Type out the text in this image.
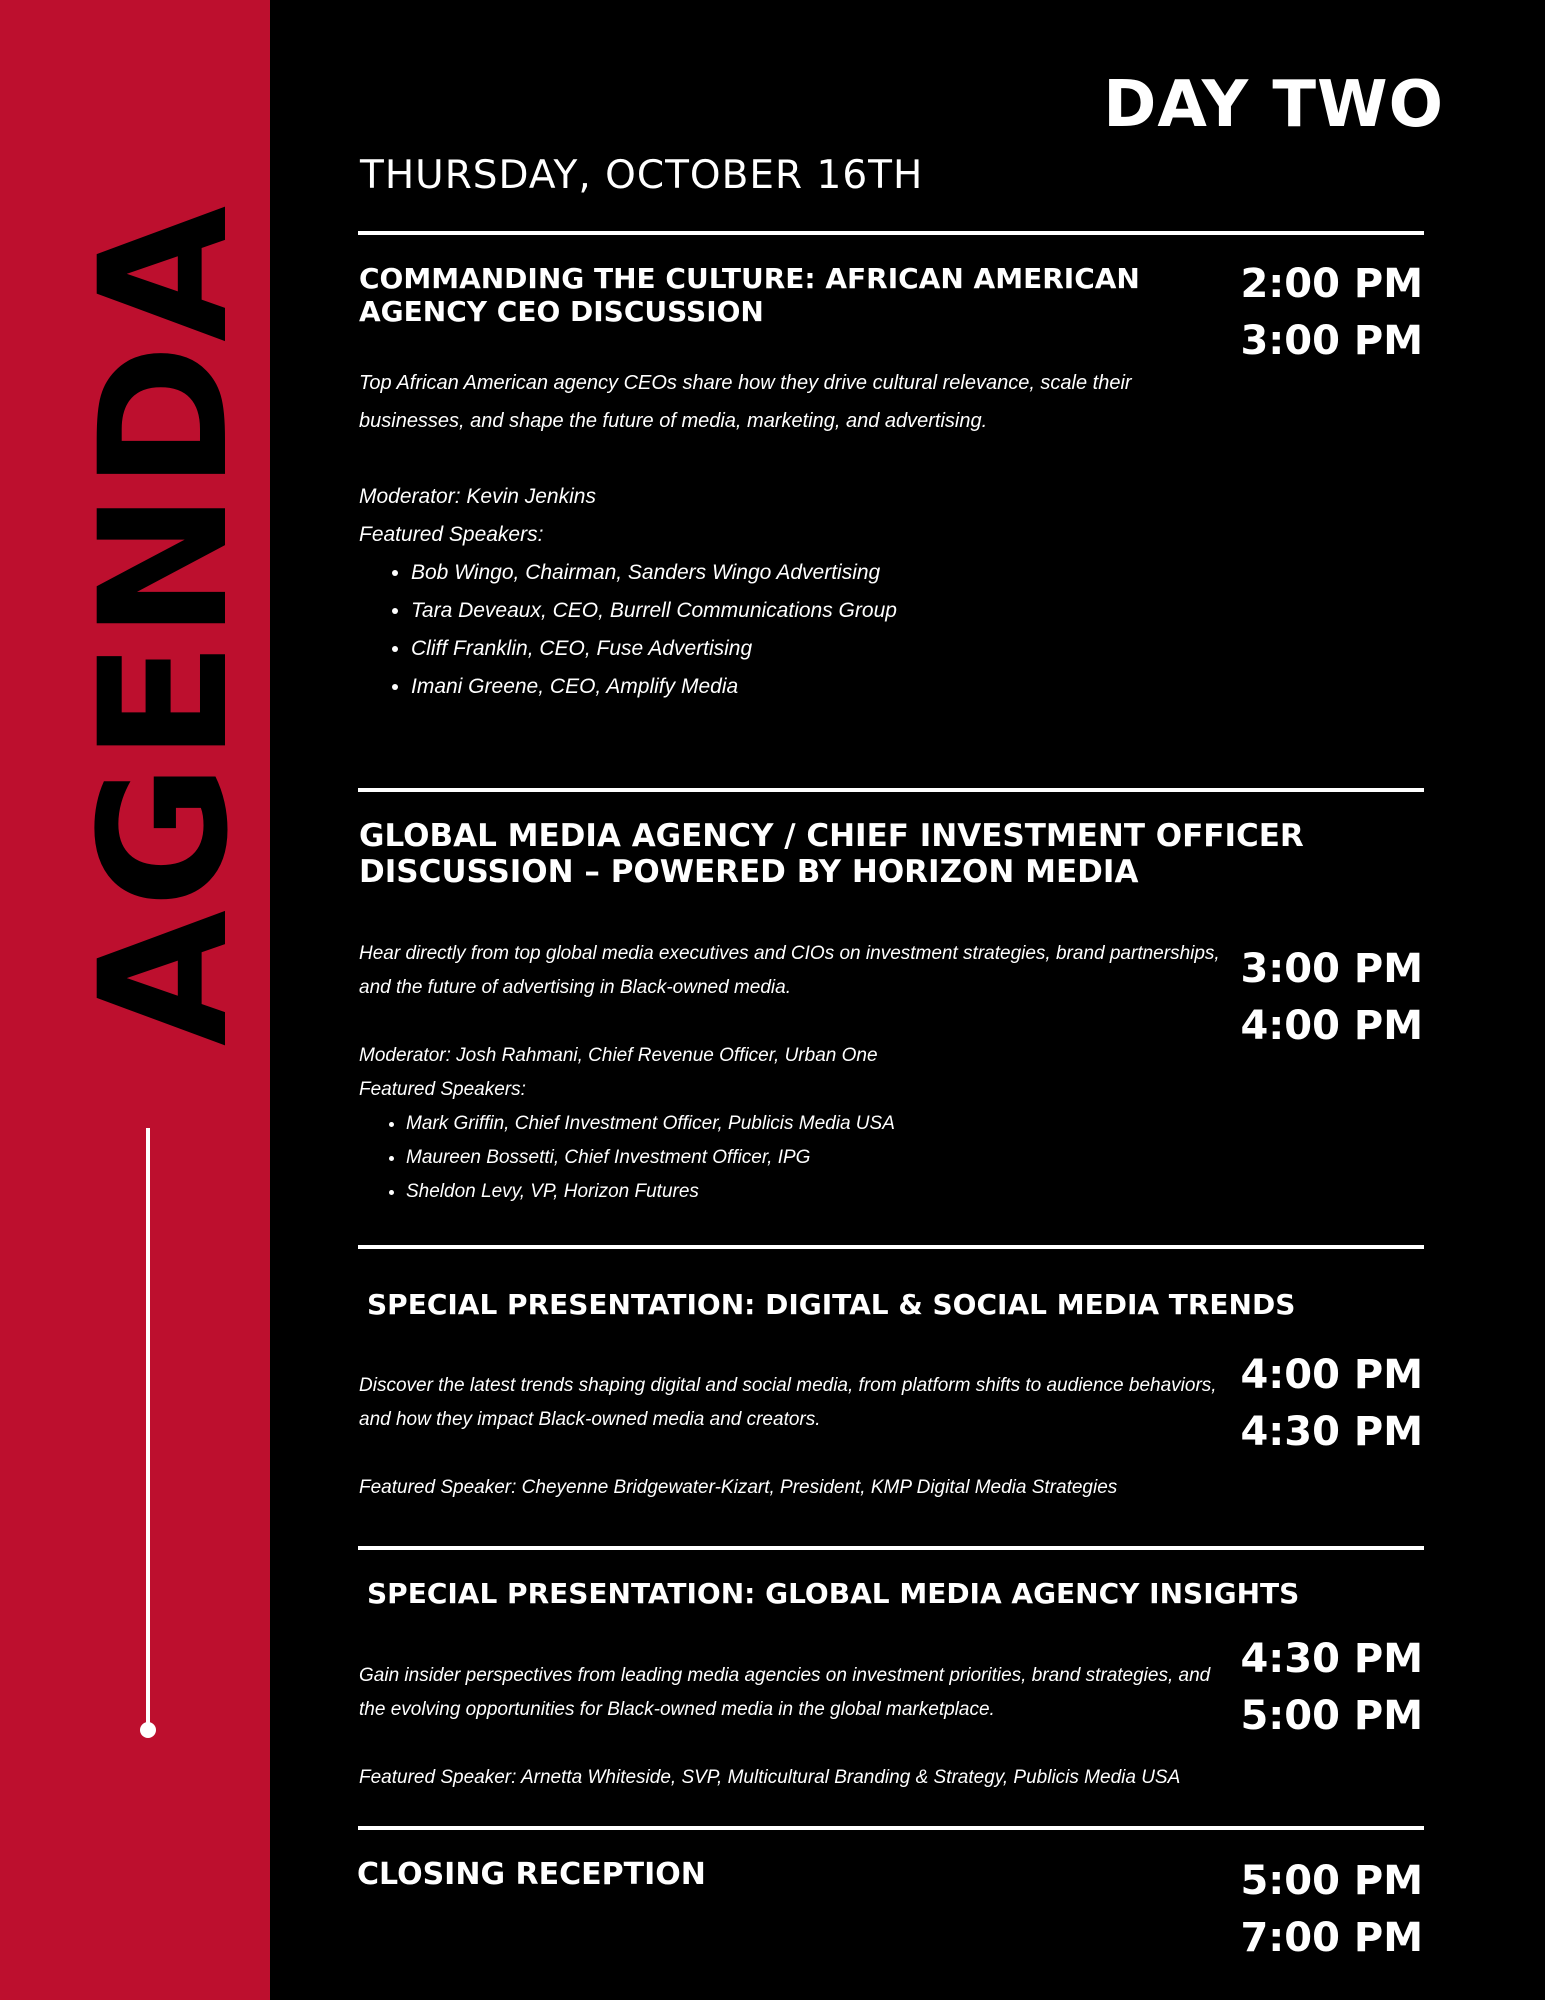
AGENDA
DAY TWO
THURSDAY, OCTOBER 16TH
COMMANDING THE CULTURE: AFRICAN AMERICAN
AGENCY CEO DISCUSSION
2:00 PM
3:00 PM
Top African American agency CEOs share how they drive cultural relevance, scale their businesses, and shape the future of media, marketing, and advertising.
Moderator: Kevin Jenkins
Featured Speakers:
• Bob Wingo, Chairman, Sanders Wingo Advertising
• Tara Deveaux, CEO, Burrell Communications Group
• Cliff Franklin, CEO, Fuse Advertising
• Imani Greene, CEO, Amplify Media
GLOBAL MEDIA AGENCY / CHIEF INVESTMENT OFFICER
DISCUSSION – POWERED BY HORIZON MEDIA
3:00 PM
4:00 PM
Hear directly from top global media executives and CIOs on investment strategies, brand partnerships, and the future of advertising in Black-owned media.
Moderator: Josh Rahmani, Chief Revenue Officer, Urban One
Featured Speakers:
• Mark Griffin, Chief Investment Officer, Publicis Media USA
• Maureen Bossetti, Chief Investment Officer, IPG
• Sheldon Levy, VP, Horizon Futures
SPECIAL PRESENTATION: DIGITAL & SOCIAL MEDIA TRENDS
4:00 PM
4:30 PM
Discover the latest trends shaping digital and social media, from platform shifts to audience behaviors, and how they impact Black-owned media and creators.
Featured Speaker: Cheyenne Bridgewater-Kizart, President, KMP Digital Media Strategies
SPECIAL PRESENTATION: GLOBAL MEDIA AGENCY INSIGHTS
4:30 PM
5:00 PM
Gain insider perspectives from leading media agencies on investment priorities, brand strategies, and the evolving opportunities for Black-owned media in the global marketplace.
Featured Speaker: Arnetta Whiteside, SVP, Multicultural Branding & Strategy, Publicis Media USA
CLOSING RECEPTION	5:00 PM
7:00 PM
